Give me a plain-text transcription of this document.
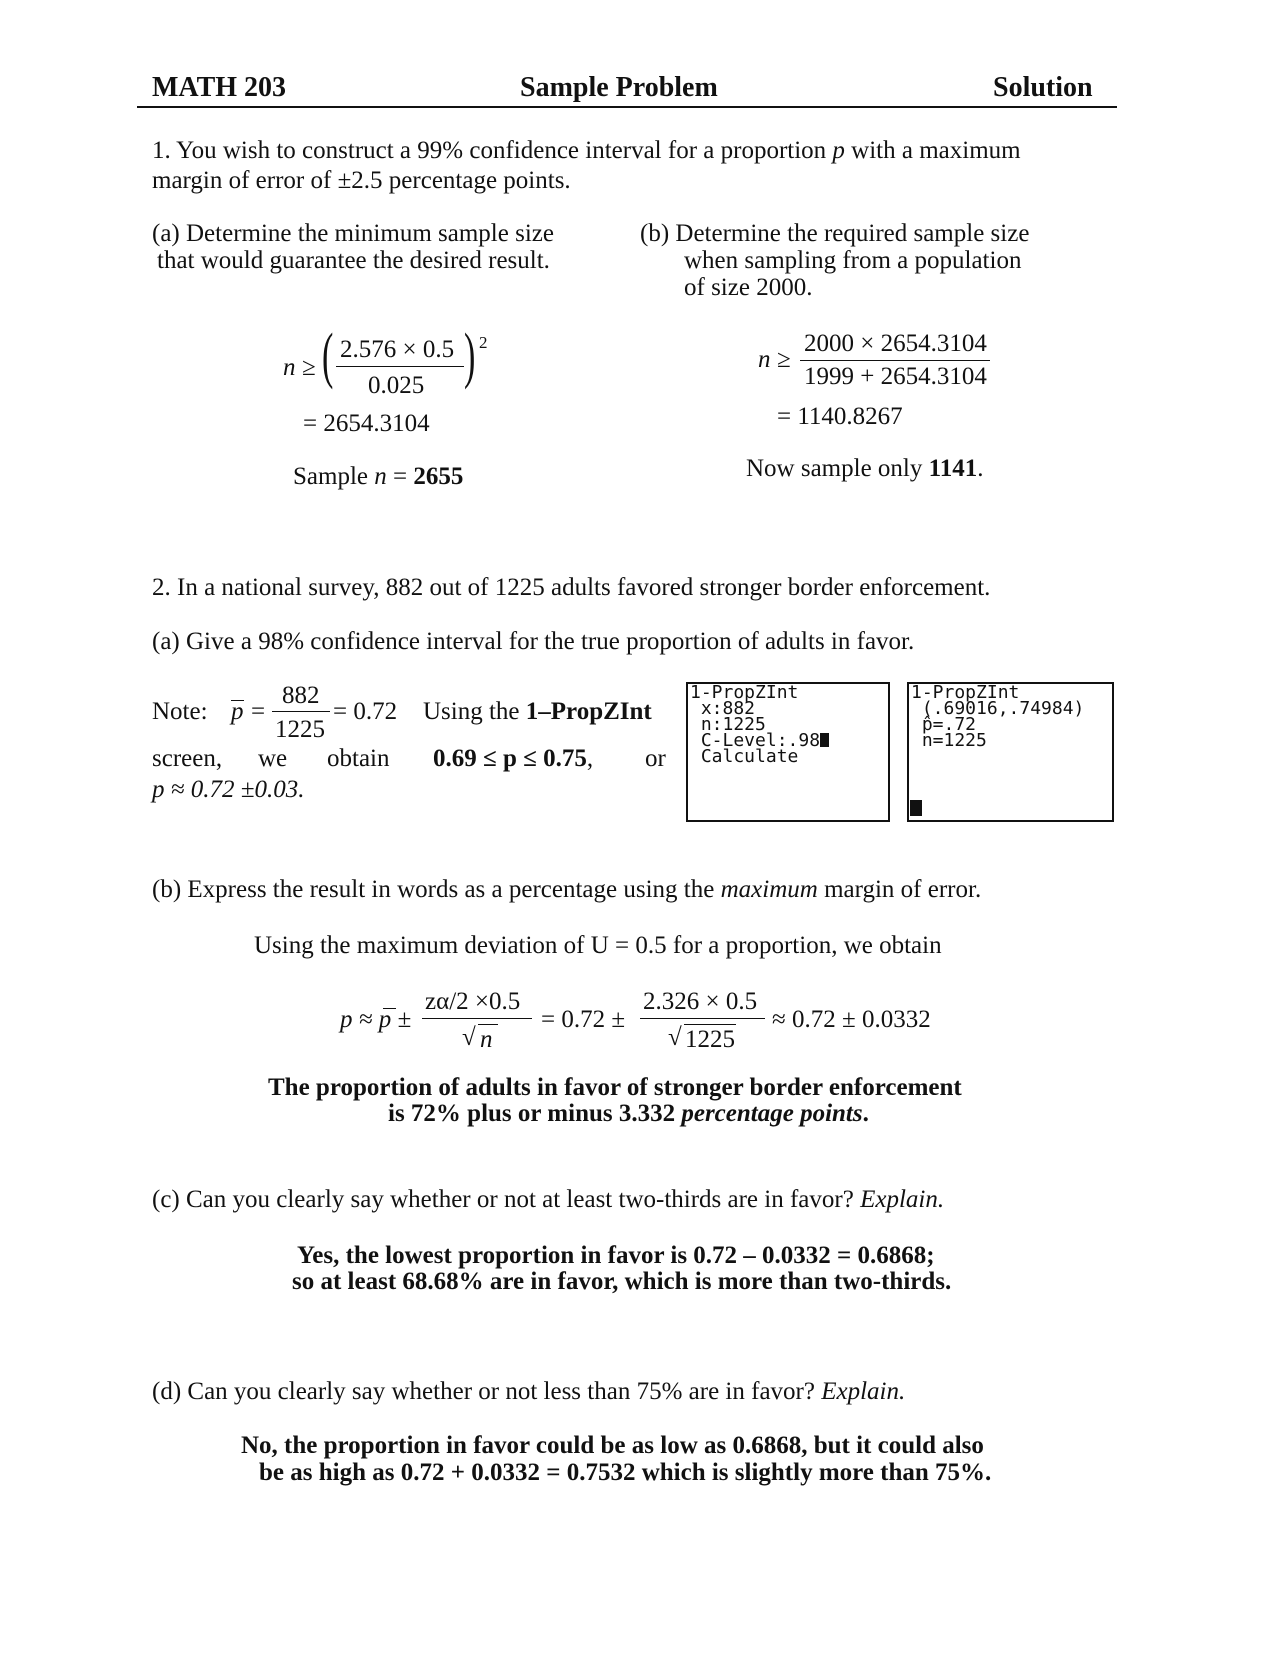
MATH 203	Sample Problem	Solution
1. You wish to construct a 99% confidence interval for a proportion p with a maximum
margin of error of ±2.5 percentage points.
(a) Determine the minimum sample size
that would guarantee the desired result.
n ≥ ( 2.576 × 0.5
0.025 ) 2
= 2654.3104
Sample n = 2655
(b) Determine the required sample size
when sampling from a population
of size 2000.
n ≥
2000 × 2654.3104
1999 + 2654.3104
= 1140.8267
Now sample only 1141.
2. In a national survey, 882 out of 1225 adults favored stronger border enforcement.
(a) Give a 98% confidence interval for the true proportion of adults in favor.
Note: p =
882
1225
= 0.72 Using the 1–PropZInt
screen, we obtain 0.69 ≤ p ≤ 0.75, or
p ≈ 0.72 ±0.03.
1-PropZInt
x:882
n:1225
C-Level:.98
Calculate
1-PropZInt
(.69016,.74984)
p̂=.72
n=1225
(b) Express the result in words as a percentage using the maximum margin of error.
Using the maximum deviation of U = 0.5 for a proportion, we obtain
p ≈ p ±
zα/2 ×0.5
√ n
= 0.72 ±
2.326 × 0.5
√ 1225
≈ 0.72 ± 0.0332
The proportion of adults in favor of stronger border enforcement
is 72% plus or minus 3.332 percentage points.
(c) Can you clearly say whether or not at least two-thirds are in favor? Explain.
Yes, the lowest proportion in favor is 0.72 – 0.0332 = 0.6868;
so at least 68.68% are in favor, which is more than two-thirds.
(d) Can you clearly say whether or not less than 75% are in favor? Explain.
No, the proportion in favor could be as low as 0.6868, but it could also
be as high as 0.72 + 0.0332 = 0.7532 which is slightly more than 75%.
